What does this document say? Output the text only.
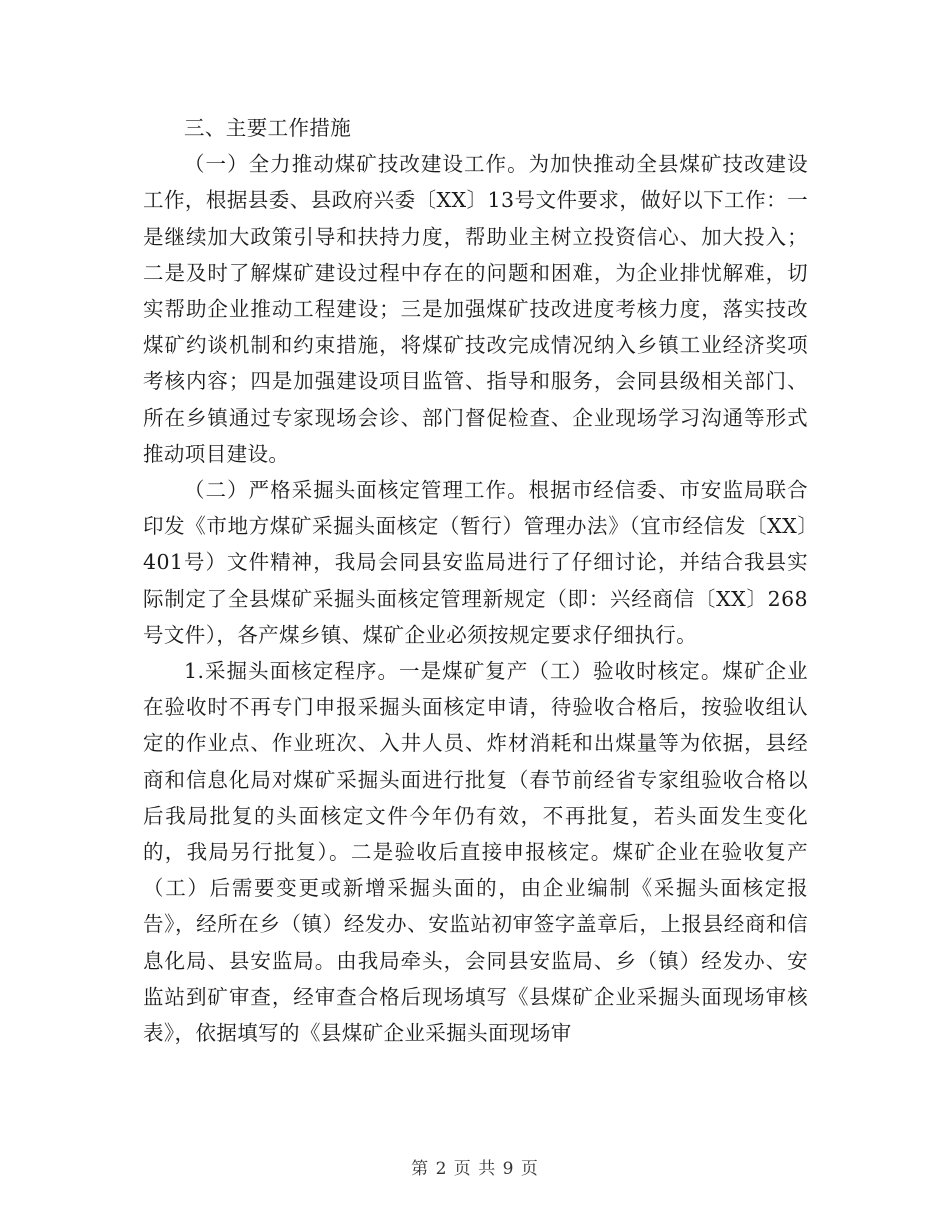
三、主要工作措施

（一）全力推动煤矿技改建设工作。为加快推动全县煤矿技改建设工作，根据县委、县政府兴委〔XX〕13号文件要求，做好以下工作：一是继续加大政策引导和扶持力度，帮助业主树立投资信心、加大投入；二是及时了解煤矿建设过程中存在的问题和困难，为企业排忧解难，切实帮助企业推动工程建设；三是加强煤矿技改进度考核力度，落实技改煤矿约谈机制和约束措施，将煤矿技改完成情况纳入乡镇工业经济奖项考核内容；四是加强建设项目监管、指导和服务，会同县级相关部门、所在乡镇通过专家现场会诊、部门督促检查、企业现场学习沟通等形式推动项目建设。

（二）严格采掘头面核定管理工作。根据市经信委、市安监局联合印发《市地方煤矿采掘头面核定（暂行）管理办法》（宜市经信发〔XX〕401号）文件精神，我局会同县安监局进行了仔细讨论，并结合我县实际制定了全县煤矿采掘头面核定管理新规定（即：兴经商信〔XX〕268号文件），各产煤乡镇、煤矿企业必须按规定要求仔细执行。

1.采掘头面核定程序。一是煤矿复产（工）验收时核定。煤矿企业在验收时不再专门申报采掘头面核定申请，待验收合格后，按验收组认定的作业点、作业班次、入井人员、炸材消耗和出煤量等为依据，县经商和信息化局对煤矿采掘头面进行批复（春节前经省专家组验收合格以后我局批复的头面核定文件今年仍有效，不再批复，若头面发生变化的，我局另行批复）。二是验收后直接申报核定。煤矿企业在验收复产（工）后需要变更或新增采掘头面的，由企业编制《采掘头面核定报告》，经所在乡（镇）经发办、安监站初审签字盖章后，上报县经商和信息化局、县安监局。由我局牵头，会同县安监局、乡（镇）经发办、安监站到矿审查，经审查合格后现场填写《县煤矿企业采掘头面现场审核表》，依据填写的《县煤矿企业采掘头面现场审

第 2 页 共 9 页
